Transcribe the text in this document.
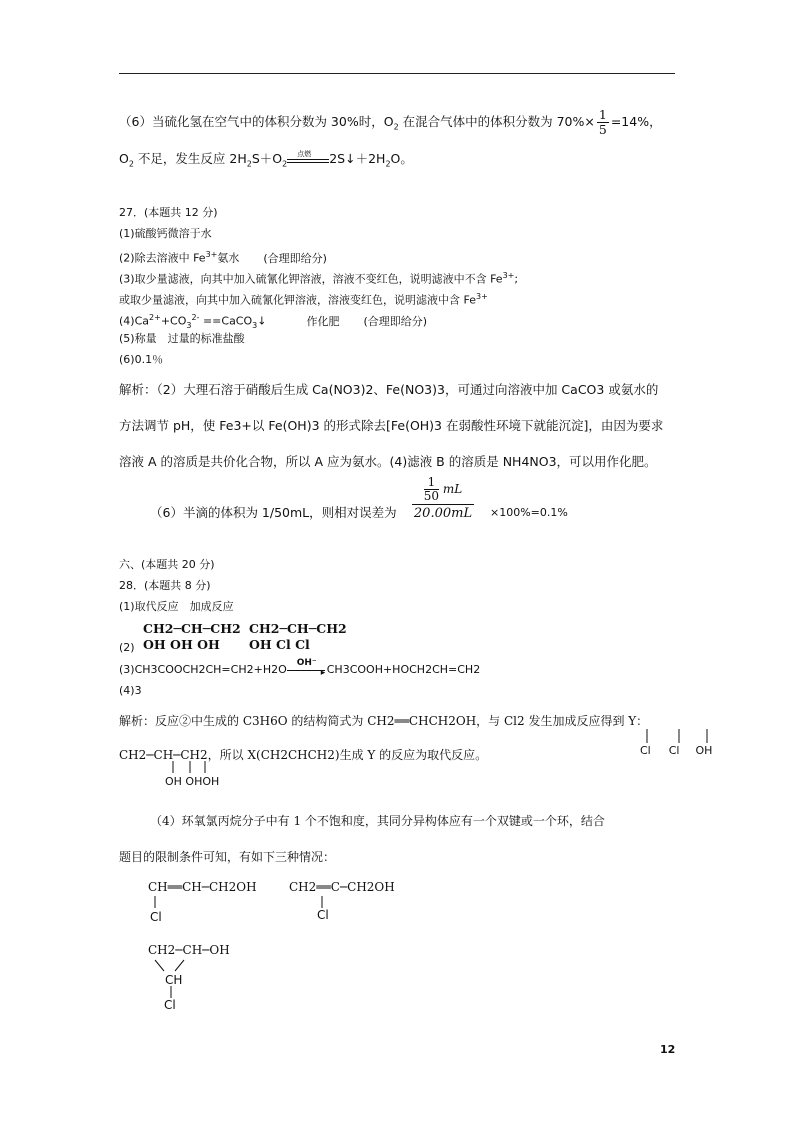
（6）当硫化氢在空气中的体积分数为 30%时，$O_2$ 在混合气体中的体积分数为 $70\%\times \frac{1}{5} =14\%$，
$O_2$ 不足，发生反应 $2H_2S+O_2$
点燃 $2S↓+2H_2O$。
27．(本题共 12 分)
(1)硫酸钙微溶于水
(2)除去溶液中 $Fe^{3+}$氨水 (合理即给分)
(3)取少量滤液，向其中加入硫氰化钾溶液，溶液不变红色，说明滤液中不含 $Fe^{3+}$;
或取少量滤液，向其中加入硫氰化钾溶液，溶液变红色，说明滤液中含 $Fe^{3+}$
$(4)Ca^{2+}+CO_3^{2-}$ ==CaCO$_3$↓	作化肥 (合理即给分)
(5)称量　过量的标准盐酸
(6)0.1％
解析：（2）大理石溶于硝酸后生成 Ca(NO3)2、Fe(NO3)3，可通过向溶液中加 CaCO3 或氨水的
方法调节 pH，使 Fe3+以 Fe(OH)3 的形式除去[Fe(OH)3 在弱酸性环境下就能沉淀]，由因为要求
溶液 A 的溶质是共价化合物，所以 A 应为氨水。(4)滤液 B 的溶质是 NH4NO3，可以用作化肥。
（6）半滴的体积为 1/50mL，则相对误差为
$\frac{1}{50}$ mL
20.00mL ×100%=0.1%
六、(本题共 20 分)
28．(本题共 8 分)
(1)取代反应　加成反应
(2)
CH2─CH─CH2
OH OH OH
CH2─CH─CH2
OH Cl Cl
(3)CH3COOCH2CH=CH2+H2O OH⁻
▸ CH3COOH+HOCH2CH=CH2
(4)3
解析：反应②中生成的 C3H6O 的结构简式为 CH2══CHCH2OH，与 Cl2 发生加成反应得到 Y：
Cl Cl OH
CH2─CH─CH2，所以 X(CH2CHCH2)生成 Y 的反应为取代反应。
OH OHOH
（4）环氧氯丙烷分子中有 1 个不饱和度，其同分异构体应有一个双键或一个环，结合
题目的限制条件可知，有如下三种情况：
CH══CH─CH2OH
Cl
CH2══C─CH2OH
Cl
CH2─CH─OH
CH
Cl
12
